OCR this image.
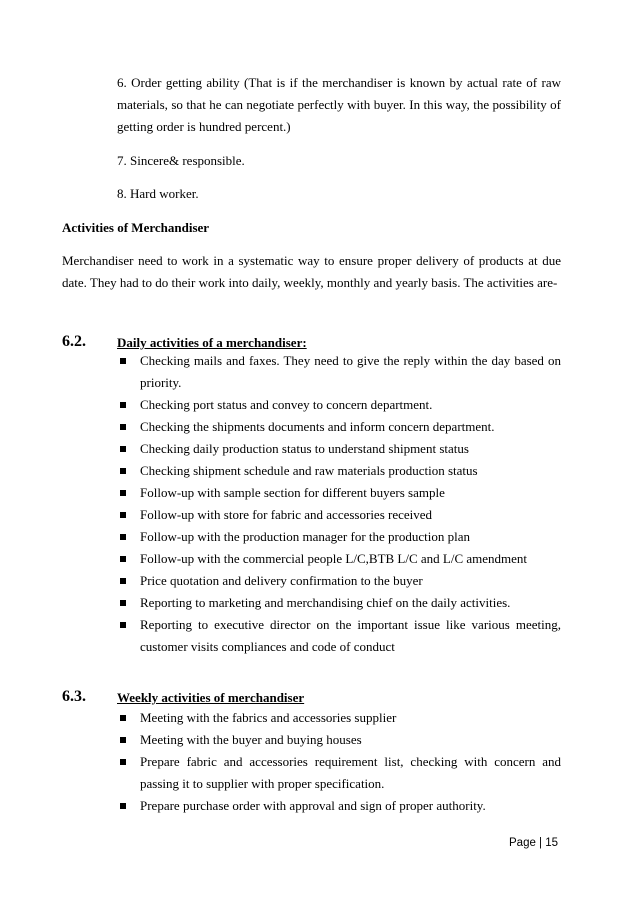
6. Order getting ability (That is if the merchandiser is known by actual rate of raw materials, so that he can negotiate perfectly with buyer. In this way, the possibility of getting order is hundred percent.)

7. Sincere& responsible.

8. Hard worker.

Activities of Merchandiser

Merchandiser need to work in a systematic way to ensure proper delivery of products at due date. They had to do their work into daily, weekly, monthly and yearly basis. The activities are-

6.2. Daily activities of a merchandiser:
Checking mails and faxes. They need to give the reply within the day based on priority.
Checking port status and convey to concern department.
Checking the shipments documents and inform concern department.
Checking daily production status to understand shipment status
Checking shipment schedule and raw materials production status
Follow-up with sample section for different buyers sample
Follow-up with store for fabric and accessories received
Follow-up with the production manager for the production plan
Follow-up with the commercial people L/C,BTB L/C and L/C amendment
Price quotation and delivery confirmation to the buyer
Reporting to marketing and merchandising chief on the daily activities.
Reporting to executive director on the important issue like various meeting, customer visits compliances and code of conduct
6.3. Weekly activities of merchandiser
Meeting with the fabrics and accessories supplier
Meeting with the buyer and buying houses
Prepare fabric and accessories requirement list, checking with concern and passing it to supplier with proper specification.
Prepare purchase order with approval and sign of proper authority.
Page | 15
